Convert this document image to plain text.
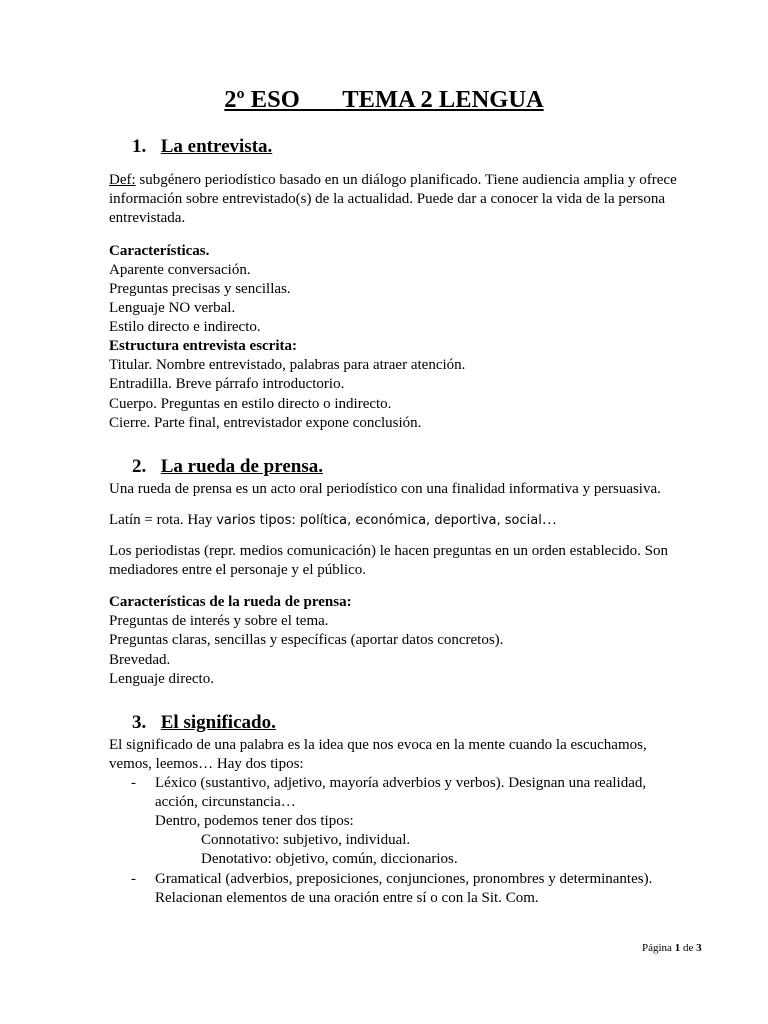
2º ESO TEMA 2 LENGUA
1. La entrevista.
Def: subgénero periodístico basado en un diálogo planificado. Tiene audiencia amplia y ofrece
información sobre entrevistado(s) de la actualidad. Puede dar a conocer la vida de la persona
entrevistada.
Características.
Aparente conversación.
Preguntas precisas y sencillas.
Lenguaje NO verbal.
Estilo directo e indirecto.
Estructura entrevista escrita:
Titular. Nombre entrevistado, palabras para atraer atención.
Entradilla. Breve párrafo introductorio.
Cuerpo. Preguntas en estilo directo o indirecto.
Cierre. Parte final, entrevistador expone conclusión.
2. La rueda de prensa.
Una rueda de prensa es un acto oral periodístico con una finalidad informativa y persuasiva.
Latín = rota. Hay varios tipos: política, económica, deportiva, social…
Los periodistas (repr. medios comunicación) le hacen preguntas en un orden establecido. Son
mediadores entre el personaje y el público.
Características de la rueda de prensa:
Preguntas de interés y sobre el tema.
Preguntas claras, sencillas y específicas (aportar datos concretos).
Brevedad.
Lenguaje directo.
3. El significado.
El significado de una palabra es la idea que nos evoca en la mente cuando la escuchamos,
vemos, leemos… Hay dos tipos:
- Léxico (sustantivo, adjetivo, mayoría adverbios y verbos). Designan una realidad,
acción, circunstancia…
Dentro, podemos tener dos tipos:
Connotativo: subjetivo, individual.
Denotativo: objetivo, común, diccionarios.
- Gramatical (adverbios, preposiciones, conjunciones, pronombres y determinantes).
Relacionan elementos de una oración entre sí o con la Sit. Com.
Página 1 de 3
